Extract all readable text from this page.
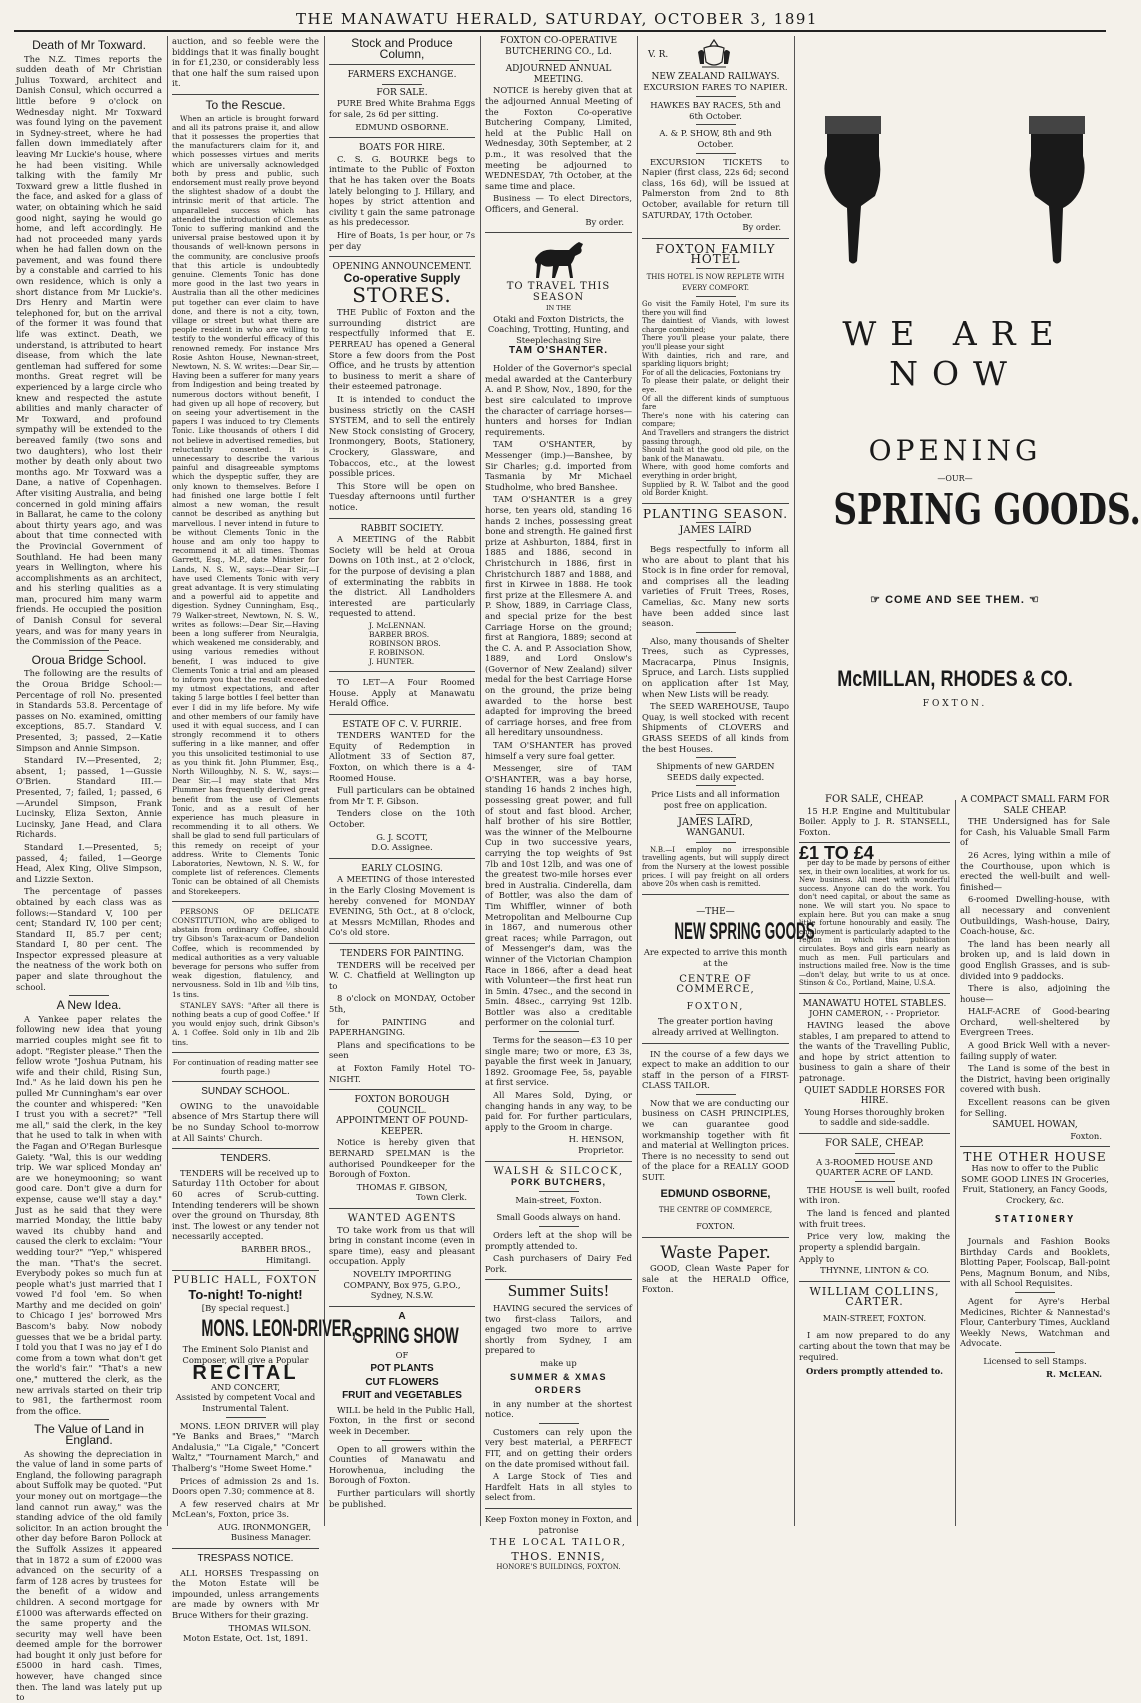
THE MANAWATU HERALD, SATURDAY, OCTOBER 3, 1891
Death of Mr Toxward.

The N.Z. Times reports the sudden death of Mr Christian Julius Toxward, architect and Danish Consul, which occurred a little before 9 o'clock on Wednesday night. Mr Toxward was found lying on the pavement in Sydney-street, where he had fallen down immediately after leaving Mr Luckie's house, where he had been visiting. While talking with the family Mr Toxward grew a little flushed in the face, and asked for a glass of water, on obtaining which he said good night, saying he would go home, and left accordingly. He had not proceeded many yards when he had fallen down on the pavement, and was found there by a constable and carried to his own residence, which is only a short distance from Mr Luckie's. Drs Henry and Martin were telephoned for, but on the arrival of the former it was found that life was extinct. Death, we understand, is attributed to heart disease, from which the late gentleman had suffered for some months. Great regret will be experienced by a large circle who knew and respected the astute abilities and manly character of Mr Toxward, and profound sympathy will be extended to the bereaved family (two sons and two daughters), who lost their mother by death only about two months ago. Mr Toxward was a Dane, a native of Copenhagen. After visiting Australia, and being concerned in gold mining affairs in Ballarat, he came to the colony about thirty years ago, and was about that time connected with the Provincial Government of Southland. He had been many years in Wellington, where his accomplishments as an architect, and his sterling qualities as a man, procured him many warm friends. He occupied the position of Danish Consul for several years, and was for many years in the Commission of the Peace.

Oroua Bridge School.

The following are the results of the Oroua Bridge School:—Percentage of roll No. presented in Standards 53.8. Percentage of passes on No. examined, omitting exceptions, 85.7. Standard V. Presented, 3; passed, 2—Katie Simpson and Annie Simpson.

Standard IV.—Presented, 2; absent, 1; passed, 1—Gussie O'Brien. Standard III.—Presented, 7; failed, 1; passed, 6—Arundel Simpson, Frank Lucinsky, Eliza Sexton, Annie Lucinsky, Jane Head, and Clara Richards.

Standard I.—Presented, 5; passed, 4; failed, 1—George Head, Alex King, Olive Simpson, and Lizzie Sexton.

The percentage of passes obtained by each class was as follows:—Standard V, 100 per cent; Standard IV, 100 per cent; Standard II, 85.7 per cent; Standard I, 80 per cent. The Inspector expressed pleasure at the neatness of the work both on paper and slate throughout the school.

A New Idea.

A Yankee paper relates the following new idea that young married couples might see fit to adopt. "Register please." Then the fellow wrote "Joshua Putnam, his wife and their child, Rising Sun, Ind." As he laid down his pen he pulled Mr Cunningham's ear over the counter and whispered: "Ken I trust you with a secret?" "Tell me all," said the clerk, in the key that he used to talk in when with the Fagan and O'Regan Burlesque Gaiety. "Wal, this is our wedding trip. We war spliced Monday an' are we honeymooning; so want good care. Don't give a durn for expense, cause we'll stay a day." Just as he said that they were married Monday, the little baby waved its chubby hand and caused the clerk to exclaim: "Your wedding tour?" "Yep," whispered the man. "That's the secret. Everybody pokes so much fun at people what's just married that I vowed I'd fool 'em. So when Marthy and me decided on goin' to Chicago I jes' borrowed Mrs Bascom's baby. Now nobody guesses that we be a bridal party. I told you that I was no jay ef I do come from a town what don't get the world's fair." "That's a new one," muttered the clerk, as the new arrivals started on their trip to 981, the farthermost room from the office.

The Value of Land in England.

As showing the depreciation in the value of land in some parts of England, the following paragraph about Suffolk may be quoted. "Put your money out on mortgage—the land cannot run away," was the standing advice of the old family solicitor. In an action brought the other day before Baron Pollock at the Suffolk Assizes it appeared that in 1872 a sum of £2000 was advanced on the security of a farm of 128 acres by trustees for the benefit of a widow and children. A second mortgage for £1000 was afterwards effected on the same property and the security may well have been deemed ample for the borrower had bought it only just before for £5000 in hard cash. Times, however, have changed since then. The land was lately put up to

auction, and so feeble were the biddings that it was finally bought in for £1,230, or considerably less that one half the sum raised upon it.

To the Rescue.

When an article is brought forward and all its patrons praise it, and allow that it possesses the properties that the manufacturers claim for it, and which possesses virtues and merits which are universally acknowledged both by press and public, such endorsement must really prove beyond the slightest shadow of a doubt the intrinsic merit of that article. The unparalleled success which has attended the introduction of Clements Tonic to suffering mankind and the universal praise bestowed upon it by thousands of well-known persons in the community, are conclusive proofs that this article is undoubtedly genuine. Clements Tonic has done more good in the last two years in Australia than all the other medicines put together can ever claim to have done, and there is not a city, town, village or street but what there are people resident in who are willing to testify to the wonderful efficacy of this renowned remedy. For instance Mrs Rosie Ashton House, Newnan-street, Newtown, N. S. W. writes:—Dear Sir,—Having been a sufferer for many years from Indigestion and being treated by numerous doctors without benefit, I had given up all hope of recovery, but on seeing your advertisement in the papers I was induced to try Clements Tonic. Like thousands of others I did not believe in advertised remedies, but reluctantly consented. It is unnecessary to describe the various painful and disagreeable symptoms which the dyspeptic suffer, they are only known to themselves. Before I had finished one large bottle I felt almost a new woman, the result cannot be described as anything but marvellous. I never intend in future to be without Clements Tonic in the house and am only too happy to recommend it at all times. Thomas Garrett, Esq., M.P., date Minister for Lands, N. S. W., says:—Dear Sir,—I have used Clements Tonic with very great advantage. It is very stimulating and a powerful aid to appetite and digestion. Sydney Cunningham, Esq., 79 Walker-street, Newtown, N. S. W., writes as follows:—Dear Sir,—Having been a long sufferer from Neuralgia, which weakened me considerably, and using various remedies without benefit, I was induced to give Clements Tonic a trial and am pleased to inform you that the result exceeded my utmost expectations, and after taking 5 large bottles I feel better than ever I did in my life before. My wife and other members of our family have used it with equal success, and I can strongly recommend it to others suffering in a like manner, and offer you this unsolicited testimonial to use as you think fit. John Plummer, Esq., North Willoughby, N. S. W., says:—Dear Sir,—I may state that Mrs Plummer has frequently derived great benefit from the use of Clements Tonic, and as a result of her experience has much pleasure in recommending it to all others. We shall be glad to send full particulars of this remedy on receipt of your address. Write to Clements Tonic Laboratories, Newtown, N. S. W., for complete list of references. Clements Tonic can be obtained of all Chemists and Storekeepers.

PERSONS OF DELICATE CONSTITUTION, who are obliged to abstain from ordinary Coffee, should try Gibson's Tarax-acum or Dandelion Coffee, which is recommended by medical authorities as a very valuable beverage for persons who suffer from weak digestion, flatulency, and nervousness. Sold in 1lb and ½lb tins, 1s tins.

STANLEY SAYS: "After all there is nothing beats a cup of good Coffee." If you would enjoy such, drink Gibson's A. 1 Coffee. Sold only in 1lb and 2lb tins.

For continuation of reading matter see fourth page.)

SUNDAY SCHOOL.

OWING to the unavoidable absence of Mrs Startup there will be no Sunday School to-morrow at All Saints' Church.

TENDERS.

TENDERS will be received up to Saturday 11th October for about 60 acres of Scrub-cutting. Intending tenderers will be shown over the ground on Thursday, 8th inst. The lowest or any tender not necessarily accepted.

BARBER BROS.,
Himitangi.
PUBLIC HALL, FOXTON
To-night! To-night!
[By special request.]
MONS. LEON-DRIVER,
The Eminent Solo Pianist and Composer, will give a Popular
RECITAL
AND CONCERT,
Assisted by competent Vocal and Instrumental Talent.

MONS. LEON DRIVER will play "Ye Banks and Braes," "March Andalusia," "La Cigale," "Concert Waltz," "Tournament March," and Thalberg's "Home Sweet Home."

Prices of admission 2s and 1s. Doors open 7.30; commence at 8.

A few reserved chairs at Mr McLean's, Foxton, price 3s.

AUG. IRONMONGER,
Business Manager.
TRESPASS NOTICE.

ALL HORSES Trespassing on the Moton Estate will be impounded, unless arrangements are made by owners with Mr Bruce Withers for their grazing.

THOMAS WILSON.
Moton Estate, Oct. 1st, 1891.
Stock and Produce Column,
FARMERS EXCHANGE.
FOR SALE.

PURE Bred White Brahma Eggs for sale, 2s 6d per sitting.

EDMUND OSBORNE.
BOATS FOR HIRE.

C. S. G. BOURKE begs to intimate to the Public of Foxton that he has taken over the Boats lately belonging to J. Hillary, and hopes by strict attention and civility t gain the same patronage as his predecessor.

Hire of Boats, 1s per hour, or 7s per day

OPENING ANNOUNCEMENT.
Co-operative Supply
STORES.

THE Public of Foxton and the surrounding district are respectfully informed that E. PERREAU has opened a General Store a few doors from the Post Office, and he trusts by attention to business to merit a share of their esteemed patronage.

It is intended to conduct the business strictly on the CASH SYSTEM, and to sell the entirely New Stock consisting of Grocery, Ironmongery, Boots, Stationery, Crockery, Glassware, and Tobaccos, etc., at the lowest possible prices.

This Store will be open on Tuesday afternoons until further notice.

RABBIT SOCIETY.

A MEETING of the Rabbit Society will be held at Oroua Downs on 10th inst., at 2 o'clock, for the purpose of devising a plan of exterminating the rabbits in the district. All Landholders interested are particularly requested to attend.

J. McLENNAN.
BARBER BROS.
ROBINSON BROS.
F. ROBINSON.
J. HUNTER.

TO LET—A Four Roomed House. Apply at Manawatu Herald Office.

ESTATE OF C. V. FURRIE.

TENDERS WANTED for the Equity of Redemption in Allotment 33 of Section 87, Foxton, on which there is a 4-Roomed House.

Full particulars can be obtained from Mr T. F. Gibson.

Tenders close on the 10th October.

G. J. SCOTT,
D.O. Assignee.
EARLY CLOSING.

A MEETING of those interested in the Early Closing Movement is hereby convened for MONDAY EVENING, 5th Oct., at 8 o'clock, at Messrs McMillan, Rhodes and Co's old store.

TENDERS FOR PAINTING.

TENDERS will be received per W. C. Chatfield at Wellington up to

8 o'clock on MONDAY, October 5th,

for PAINTING and PAPERHANGING.

Plans and specifications to be seen

at Foxton Family Hotel TO-NIGHT.

FOXTON BOROUGH COUNCIL.
APPOINTMENT OF POUND-KEEPER.

Notice is hereby given that BERNARD SPELMAN is the authorised Poundkeeper for the Borough of Foxton.

THOMAS F. GIBSON,
Town Clerk.
WANTED AGENTS

TO take work from us that will bring in constant income (even in spare time), easy and pleasant occupation. Apply

NOVELTY IMPORTING COMPANY, Box 975, G.P.O., Sydney, N.S.W.

A
SPRING SHOW
OF
POT PLANTS
CUT FLOWERS
FRUIT and VEGETABLES

WILL be held in the Public Hall, Foxton, in the first or second week in December.

Open to all growers within the Counties of Manawatu and Horowhenua, including the Borough of Foxton.

Further particulars will shortly be published.

FOXTON CO-OPERATIVE BUTCHERING CO., Ld.
ADJOURNED ANNUAL MEETING.

NOTICE is hereby given that at the adjourned Annual Meeting of the Foxton Co-operative Butchering Company, Limited, held at the Public Hall on Wednesday, 30th September, at 2 p.m., it was resolved that the meeting be adjourned to WEDNESDAY, 7th October, at the same time and place.

Business — To elect Directors, Officers, and General.

By order.
TO TRAVEL THIS SEASON
IN THE
Otaki and Foxton Districts, the Coaching, Trotting, Hunting, and Steeplechasing Sire
TAM O'SHANTER.

Holder of the Governor's special medal awarded at the Canterbury A. and P. Show, Nov., 1890, for the best sire calculated to improve the character of carriage horses—hunters and horses for Indian requirements.

TAM O'SHANTER, by Messenger (imp.)—Banshee, by Sir Charles; g.d. imported from Tasmania by Mr Michael Studholme, who bred Banshee.

TAM O'SHANTER is a grey horse, ten years old, standing 16 hands 2 inches, possessing great bone and strength. He gained first prize at Ashburton, 1884, first in 1885 and 1886, second in Christchurch in 1886, first in Christchurch 1887 and 1888, and first in Kirwee in 1888. He took first prize at the Ellesmere A. and P. Show, 1889, in Carriage Class, and special prize for the best Carriage Horse on the ground; first at Rangiora, 1889; second at the C. A. and P. Association Show, 1889, and Lord Onslow's (Governor of New Zealand) silver medal for the best Carriage Horse on the ground, the prize being awarded to the horse best adapted for improving the breed of carriage horses, and free from all hereditary unsoundness.

TAM O'SHANTER has proved himself a very sure foal getter.

Messenger, sire of TAM O'SHANTER, was a bay horse, standing 16 hands 2 inches high, possessing great power, and full of stout and fast blood. Archer, half brother of his sire Bottler, was the winner of the Melbourne Cup in two successive years, carrying the top weights of 9st 7lb and 10st 12lb, and was one of the greatest two-mile horses ever bred in Australia. Cinderella, dam of Bottler, was also the dam of Tim Whiffler, winner of both Metropolitan and Melbourne Cup in 1867, and numerous other great races; while Parragon, out of Messenger's dam, was the winner of the Victorian Champion Race in 1866, after a dead heat with Volunteer—the first heat run in 5min. 47sec., and the second in 5min. 48sec., carrying 9st 12lb. Bottler was also a creditable performer on the colonial turf.

Terms for the season—£3 10 per single mare; two or more, £3 3s, payable the first week in January, 1892. Groomage Fee, 5s, payable at first service.

All Mares Sold, Dying, or changing hands in any way, to be paid for. For further particulars, apply to the Groom in charge.

H. HENSON,
Proprietor.
WALSH & SILCOCK,
PORK BUTCHERS,
Main-street, Foxton.
Small Goods always on hand.

Orders left at the shop will be promptly attended to.

Cash purchasers of Dairy Fed Pork.

Summer Suits!

HAVING secured the services of two first-class Tailors, and engaged two more to arrive shortly from Sydney, I am prepared to

make up
SUMMER & XMAS
ORDERS

in any number at the shortest notice.

Customers can rely upon the very best material, a PERFECT FIT, and on getting their orders on the date promised without fail.

A Large Stock of Ties and Hardfelt Hats in all styles to select from.

Keep Foxton money in Foxton, and patronise

THE LOCAL TAILOR,
THOS. ENNIS,
HONORE'S BUILDINGS, FOXTON.
V. R.
NEW ZEALAND RAILWAYS.
EXCURSION FARES TO NAPIER.

HAWKES BAY RACES, 5th and 6th October.

A. & P. SHOW, 8th and 9th October.

EXCURSION TICKETS to Napier (first class, 22s 6d; second class, 16s 6d), will be issued at Palmerston from 2nd to 8th October, available for return till SATURDAY, 17th October.

By order.
FOXTON FAMILY HOTEL
THIS HOTEL IS NOW REPLETE WITH EVERY COMFORT.
Go visit the Family Hotel, I'm sure its there you will find
The daintiest of Viands, with lowest charge combined;
There you'll please your palate, there you'll please your sight
With dainties, rich and rare, and sparkling liquors bright;
For of all the delicacies, Foxtonians try
To please their palate, or delight their eye.
Of all the different kinds of sumptuous fare
There's none with his catering can compare;
And Travellers and strangers the district passing through,
Should halt at the good old pile, on the bank of the Manawatu.
Where, with good home comforts and everything in order bright,
Supplied by R. W. Talbot and the good old Border Knight.
PLANTING SEASON.
JAMES LAIRD

Begs respectfully to inform all who are about to plant that his Stock is in fine order for removal, and comprises all the leading varieties of Fruit Trees, Roses, Camelias, &c. Many new sorts have been added since last season.

Also, many thousands of Shelter Trees, such as Cypresses, Macracarpa, Pinus Insignis, Spruce, and Larch. Lists supplied on application after 1st May, when New Lists will be ready.

The SEED WAREHOUSE, Taupo Quay, is well stocked with recent Shipments of CLOVERS and GRASS SEEDS of all kinds from the best Houses.

Shipments of new GARDEN SEEDS daily expected.

Price Lists and all information post free on application.

JAMES LAIRD,
WANGANUI.

N.B.—I employ no irresponsible travelling agents, but will supply direct from the Nursery at the lowest possible prices. I will pay freight on all orders above 20s when cash is remitted.

—THE—
NEW SPRING GOODS

Are expected to arrive this month at the

CENTRE OF COMMERCE,
FOXTON,

The greater portion having already arrived at Wellington.

IN the course of a few days we expect to make an addition to our staff in the person of a FIRST-CLASS TAILOR.

Now that we are conducting our business on CASH PRINCIPLES, we can guarantee good workmanship together with fit and material at Wellington prices. There is no necessity to send out of the place for a REALLY GOOD SUIT.

EDMUND OSBORNE,
THE CENTRE OF COMMERCE,
FOXTON.
Waste Paper.

GOOD, Clean Waste Paper for sale at the HERALD Office, Foxton.

WE ARE NOW
OPENING
—OUR—
SPRING GOODS.
☞ COME AND SEE THEM. ☜
McMILLAN, RHODES & CO.
FOXTON.
FOR SALE, CHEAP.

15 H.P. Engine and Multitubular Boiler. Apply to J. R. STANSELL, Foxton.

£1 TO £4

per day to be made by persons of either sex, in their own localities, at work for us. New business. All meet with wonderful success. Anyone can do the work. You don't need capital, or about the same as none. We will start you. No space to explain here. But you can make a snug little fortune honourably and easily. The employment is particularly adapted to the region in which this publication circulates. Boys and girls earn nearly as much as men. Full particulars and instructions mailed free. Now is the time—don't delay, but write to us at once. Stinson & Co., Portland, Maine, U.S.A.

MANAWATU HOTEL STABLES.
JOHN CAMERON, - - Proprietor.

HAVING leased the above stables, I am prepared to attend to the wants of the Travelling Public, and hope by strict attention to business to gain a share of their patronage.

QUIET SADDLE HORSES FOR HIRE.

Young Horses thoroughly broken to saddle and side-saddle.

FOR SALE, CHEAP.

A 3-ROOMED HOUSE AND QUARTER ACRE OF LAND.

THE HOUSE is well built, roofed with iron.

The land is fenced and planted with fruit trees.

Price very low, making the property a splendid bargain.

Apply to
THYNNE, LINTON & CO.
WILLIAM COLLINS, CARTER.
MAIN-STREET, FOXTON.

I am now prepared to do any carting about the town that may be required.

Orders promptly attended to.
A COMPACT SMALL FARM FOR SALE CHEAP.

THE Undersigned has for Sale for Cash, his Valuable Small Farm of

26 Acres, lying within a mile of the Courthouse, upon which is erected the well-built and well-finished—

6-roomed Dwelling-house, with all necessary and convenient Outbuildings, Wash-house, Dairy, Coach-house, &c.

The land has been nearly all broken up, and is laid down in good English Grasses, and is sub-divided into 9 paddocks.

There is also, adjoining the house—

HALF-ACRE of Good-bearing Orchard, well-sheltered by Evergreen Trees.

A good Brick Well with a never-failing supply of water.

The Land is some of the best in the District, having been originally covered with bush.

Excellent reasons can be given for Selling.

SAMUEL HOWAN,
Foxton.
THE OTHER HOUSE

Has now to offer to the Public SOME GOOD LINES IN Groceries, Fruit, Stationery, an Fancy Goods, Crockery, &c.

STATIONERY

Journals and Fashion Books Birthday Cards and Booklets, Blotting Paper, Foolscap, Ball-point Pens, Magnum Bonum, and Nibs, with all School Requisites.

Agent for Ayre's Herbal Medicines, Richter & Nannestad's Flour, Canterbury Times, Auckland Weekly News, Watchman and Advocate.

Licensed to sell Stamps.

R. McLEAN.
